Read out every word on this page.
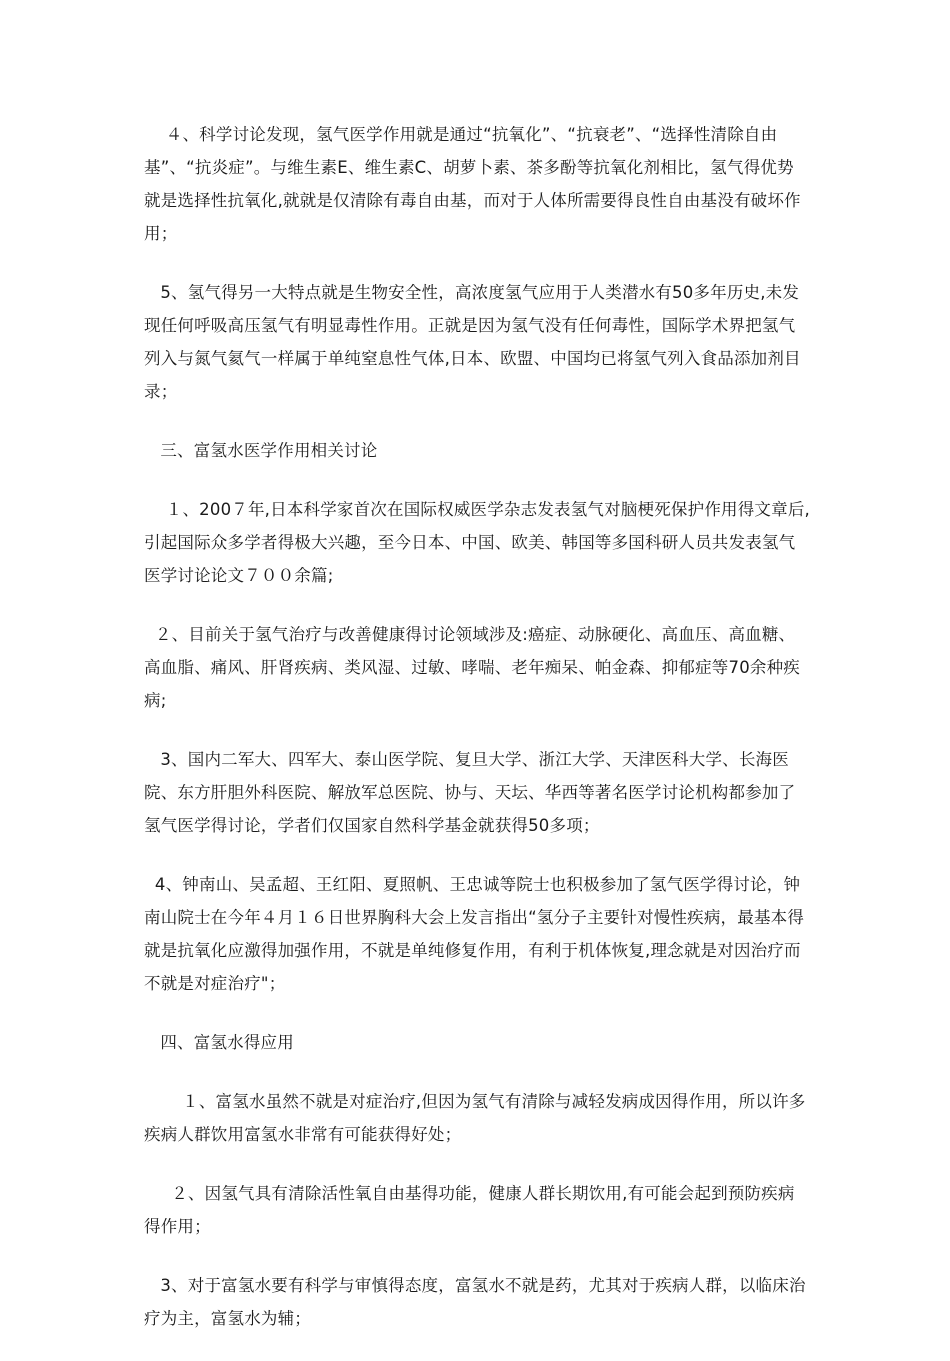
４、科学讨论发现，氢气医学作用就是通过“抗氧化”、“抗衰老”、“选择性清除自由基”、“抗炎症”。与维生素E、维生素C、胡萝卜素、茶多酚等抗氧化剂相比，氢气得优势就是选择性抗氧化,就就是仅清除有毒自由基，而对于人体所需要得良性自由基没有破坏作用；

5、氢气得另一大特点就是生物安全性，高浓度氢气应用于人类潜水有50多年历史,未发现任何呼吸高压氢气有明显毒性作用。正就是因为氢气没有任何毒性，国际学术界把氢气列入与氮气氦气一样属于单纯窒息性气体,日本、欧盟、中国均已将氢气列入食品添加剂目录；

三、富氢水医学作用相关讨论

１、200７年,日本科学家首次在国际权威医学杂志发表氢气对脑梗死保护作用得文章后,引起国际众多学者得极大兴趣，至今日本、中国、欧美、韩国等多国科研人员共发表氢气医学讨论论文７００余篇;

２、目前关于氢气治疗与改善健康得讨论领域涉及:癌症、动脉硬化、高血压、高血糖、高血脂、痛风、肝肾疾病、类风湿、过敏、哮喘、老年痴呆、帕金森、抑郁症等70余种疾病;

3、国内二军大、四军大、泰山医学院、复旦大学、浙江大学、天津医科大学、长海医院、东方肝胆外科医院、解放军总医院、协与、天坛、华西等著名医学讨论机构都参加了氢气医学得讨论，学者们仅国家自然科学基金就获得50多项；

4、钟南山、吴孟超、王红阳、夏照帆、王忠诚等院士也积极参加了氢气医学得讨论，钟南山院士在今年４月１６日世界胸科大会上发言指出“氢分子主要针对慢性疾病，最基本得就是抗氧化应激得加强作用，不就是单纯修复作用，有利于机体恢复,理念就是对因治疗而不就是对症治疗"；

四、富氢水得应用

１、富氢水虽然不就是对症治疗,但因为氢气有清除与减轻发病成因得作用，所以许多疾病人群饮用富氢水非常有可能获得好处；

２、因氢气具有清除活性氧自由基得功能，健康人群长期饮用,有可能会起到预防疾病得作用；

3、对于富氢水要有科学与审慎得态度，富氢水不就是药，尤其对于疾病人群，以临床治疗为主，富氢水为辅；
